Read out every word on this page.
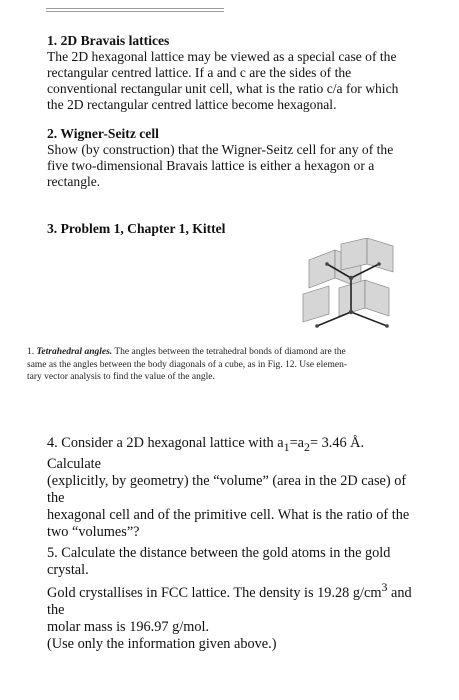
1. 2D Bravais lattices

The 2D hexagonal lattice may be viewed as a special case of the

rectangular centred lattice. If a and c are the sides of the

conventional rectangular unit cell, what is the ratio c/a for which

the 2D rectangular centred lattice become hexagonal.

2. Wigner-Seitz cell

Show (by construction) that the Wigner-Seitz cell for any of the

five two-dimensional Bravais lattice is either a hexagon or a

rectangle.

3. Problem 1, Chapter 1, Kittel

1. Tetrahedral angles. The angles between the tetrahedral bonds of diamond are the
same as the angles between the body diagonals of a cube, as in Fig. 12. Use elemen-
tary vector analysis to find the value of the angle.

4. Consider a 2D hexagonal lattice with $a_1=a_2= 3.46$ Å. Calculate

(explicitly, by geometry) the “volume” (area in the 2D case) of the

hexagonal cell and of the primitive cell. What is the ratio of the

two “volumes”?

5. Calculate the distance between the gold atoms in the gold

crystal.

Gold crystallises in FCC lattice. The density is 19.28 $g/cm^3$ and the

molar mass is 196.97 g/mol.

(Use only the information given above.)
